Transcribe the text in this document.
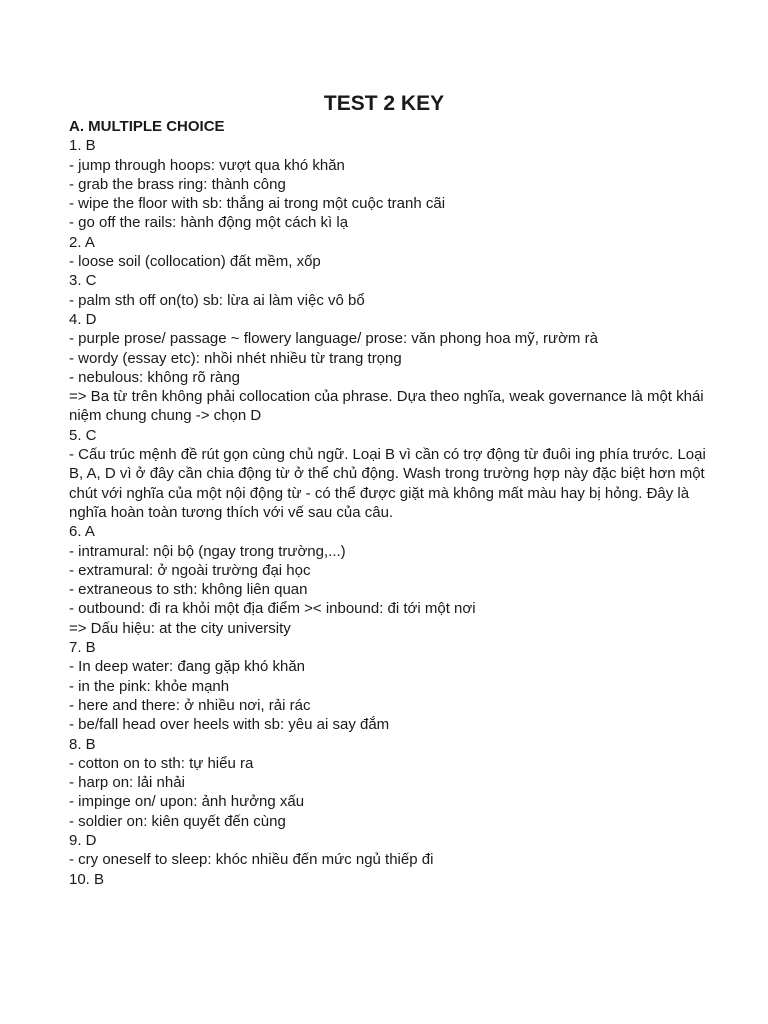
TEST 2 KEY

A. MULTIPLE CHOICE

1. B

- jump through hoops: vượt qua khó khăn

- grab the brass ring: thành công

- wipe the floor with sb: thắng ai trong một cuộc tranh cãi

- go off the rails: hành động một cách kì lạ

2. A

- loose soil (collocation) đất mềm, xốp

3. C

- palm sth off on(to) sb: lừa ai làm việc vô bổ

4. D

- purple prose/ passage ~ flowery language/ prose: văn phong hoa mỹ, rườm rà

- wordy (essay etc): nhồi nhét nhiều từ trang trọng

- nebulous: không rõ ràng

=> Ba từ trên không phải collocation của phrase. Dựa theo nghĩa, weak governance là một khái niệm chung chung -> chọn D

5. C

- Cấu trúc mệnh đề rút gọn cùng chủ ngữ. Loại B vì cần có trợ động từ đuôi ing phía trước. Loại B, A, D vì ở đây cần chia động từ ở thể chủ động. Wash trong trường hợp này đặc biệt hơn một chút với nghĩa của một nội động từ - có thể được giặt mà không mất màu hay bị hỏng. Đây là nghĩa hoàn toàn tương thích với vế sau của câu.

6. A

- intramural: nội bộ (ngay trong trường,...)

- extramural: ở ngoài trường đại học

- extraneous to sth: không liên quan

- outbound: đi ra khỏi một địa điểm >< inbound: đi tới một nơi

=> Dấu hiệu: at the city university

7. B

- In deep water: đang gặp khó khăn

- in the pink: khỏe mạnh

- here and there: ở nhiều nơi, rải rác

- be/fall head over heels with sb: yêu ai say đắm

8. B

- cotton on to sth: tự hiểu ra

- harp on: lải nhải

- impinge on/ upon: ảnh hưởng xấu

- soldier on: kiên quyết đến cùng

9. D

- cry oneself to sleep: khóc nhiều đến mức ngủ thiếp đi

10. B
